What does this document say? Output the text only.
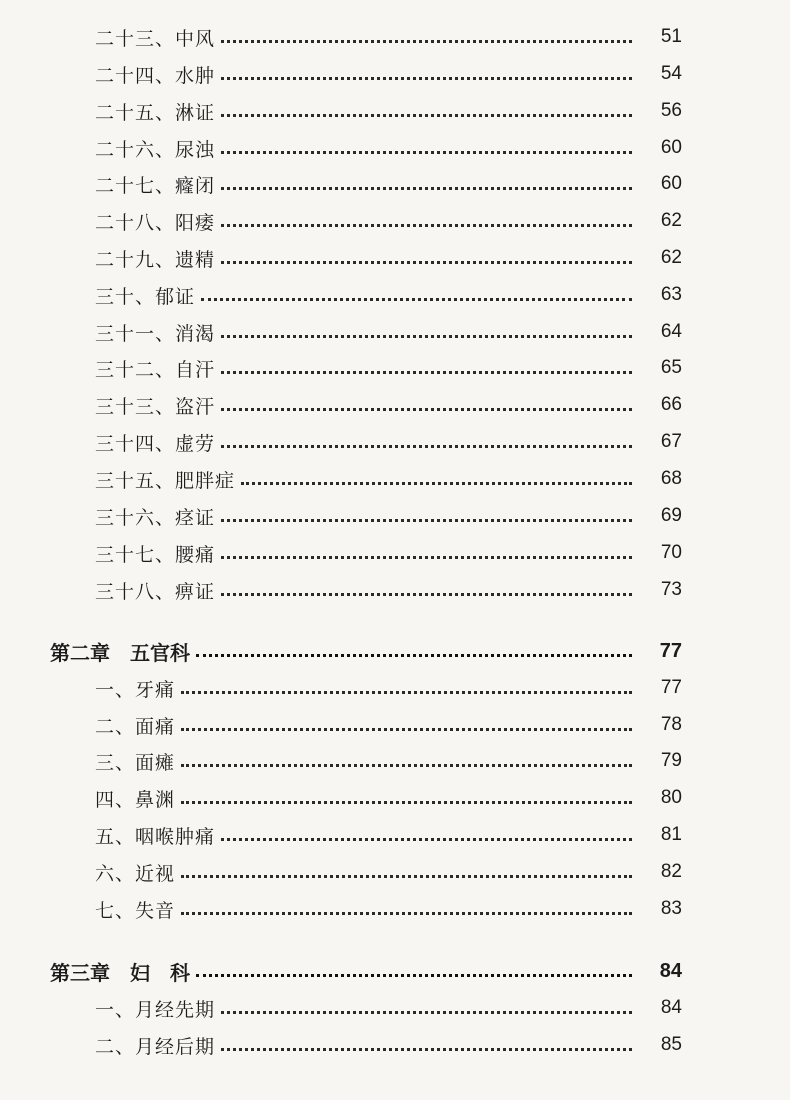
二十三、中风	51
二十四、水肿	54
二十五、淋证	56
二十六、尿浊	60
二十七、癃闭	60
二十八、阳痿	62
二十九、遗精	62
三十、郁证	63
三十一、消渴	64
三十二、自汗	65
三十三、盗汗	66
三十四、虚劳	67
三十五、肥胖症	68
三十六、痉证	69
三十七、腰痛	70
三十八、痹证	73
第二章　五官科	77
一、牙痛	77
二、面痛	78
三、面瘫	79
四、鼻渊	80
五、咽喉肿痛	81
六、近视	82
七、失音	83
第三章　妇　科	84
一、月经先期	84
二、月经后期	85
